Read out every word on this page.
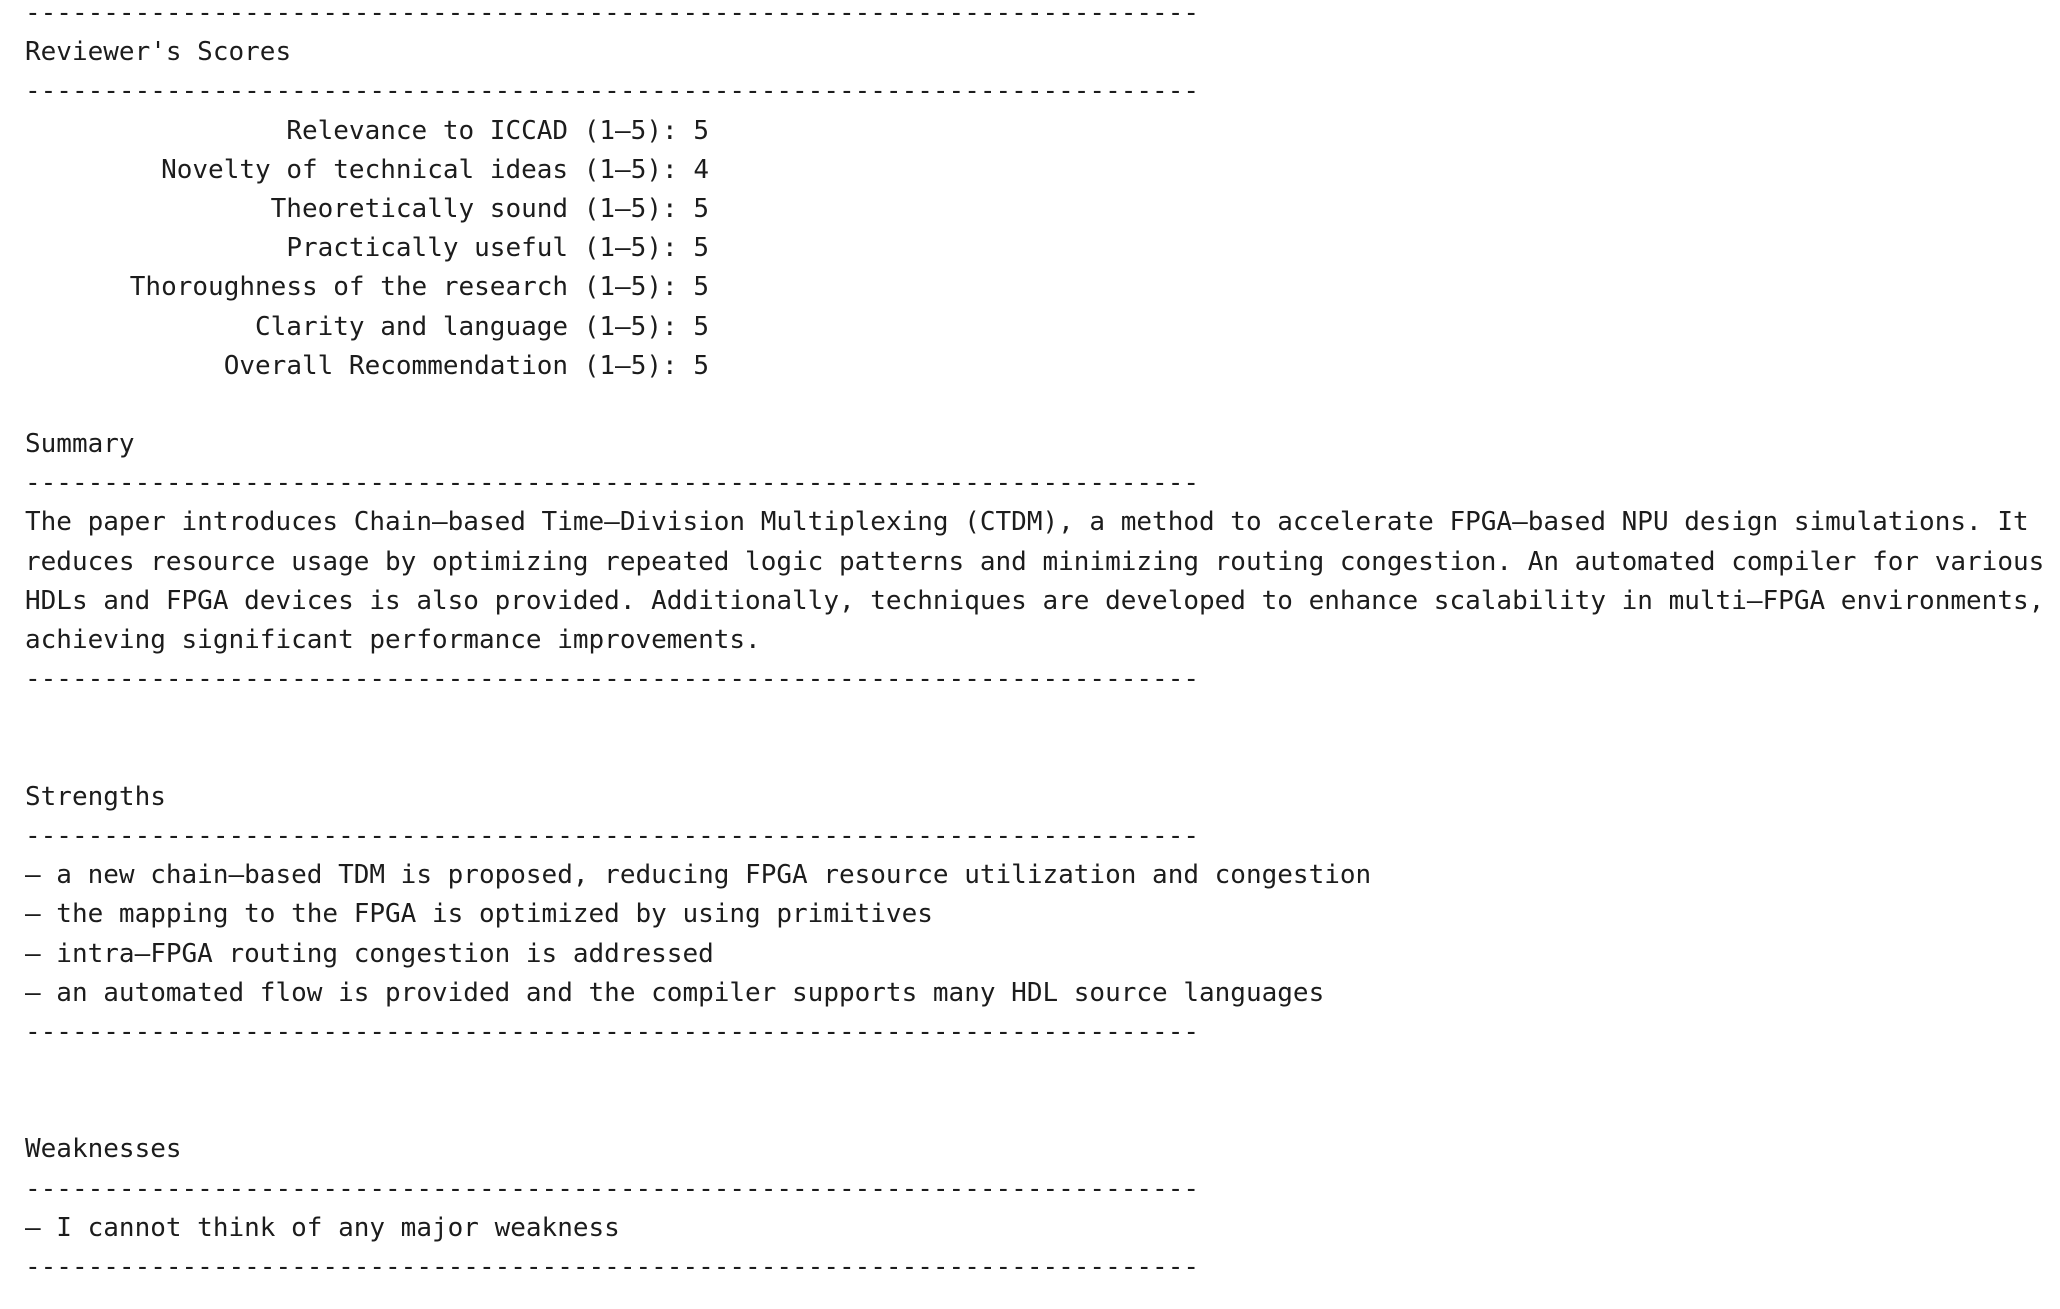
-----
Reviewer's Scores
-----
Relevance to ICCAD (1–5) : 5
Novelty of technical ideas (1–5) : 4
Theoretically sound (1–5) : 5
Practically useful (1–5) : 5
Thoroughness of the research (1–5) : 5
Clarity and language (1–5) : 5
Overall Recommendation (1–5) : 5
Summary
-----
The paper introduces Chain–based Time–Division Multiplexing (CTDM), a method to accelerate FPGA–based NPU design simulations. It
reduces resource usage by optimizing repeated logic patterns and minimizing routing congestion. An automated compiler for various
HDLs and FPGA devices is also provided. Additionally, techniques are developed to enhance scalability in multi–FPGA environments,
achieving significant performance improvements.
-----
Strengths
-----
– a new chain–based TDM is proposed, reducing FPGA resource utilization and congestion
– the mapping to the FPGA is optimized by using primitives
– intra–FPGA routing congestion is addressed
– an automated flow is provided and the compiler supports many HDL source languages
-----
Weaknesses
-----
– I cannot think of any major weakness
-----
